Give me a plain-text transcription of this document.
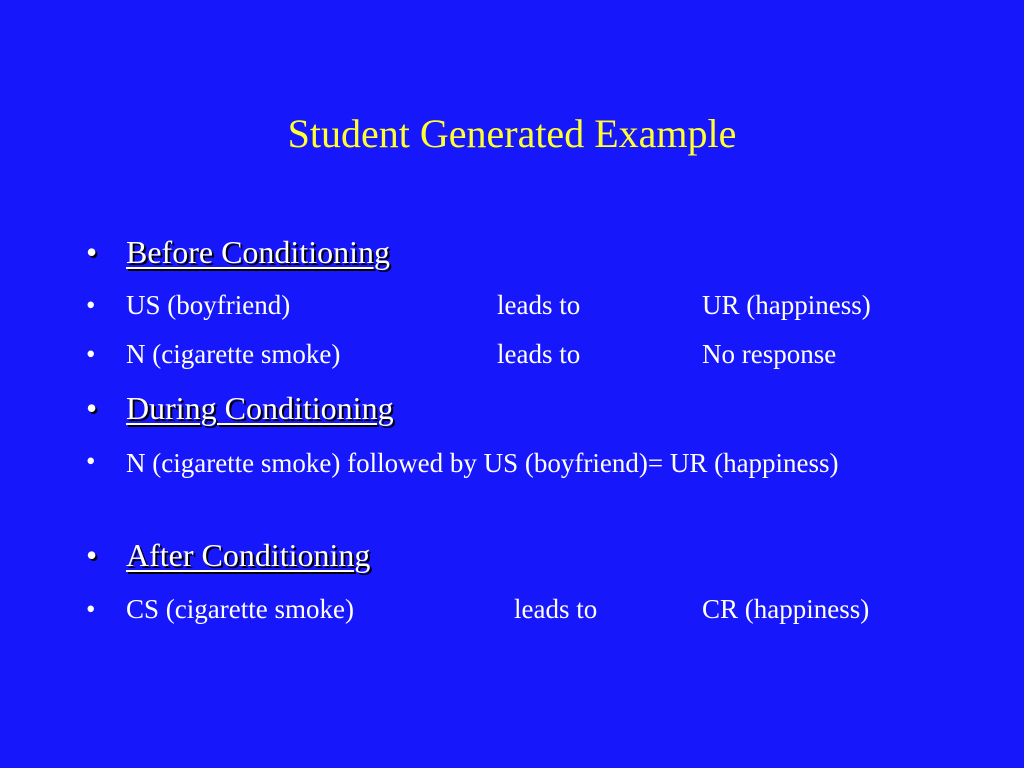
Student Generated Example
• Before Conditioning
• US (boyfriend)	leads to	UR (happiness)
• N (cigarette smoke)	leads to	No response
• During Conditioning
• N (cigarette smoke) followed by US (boyfriend)= UR (happiness)
• After Conditioning
• CS (cigarette smoke)	leads to	CR (happiness)
